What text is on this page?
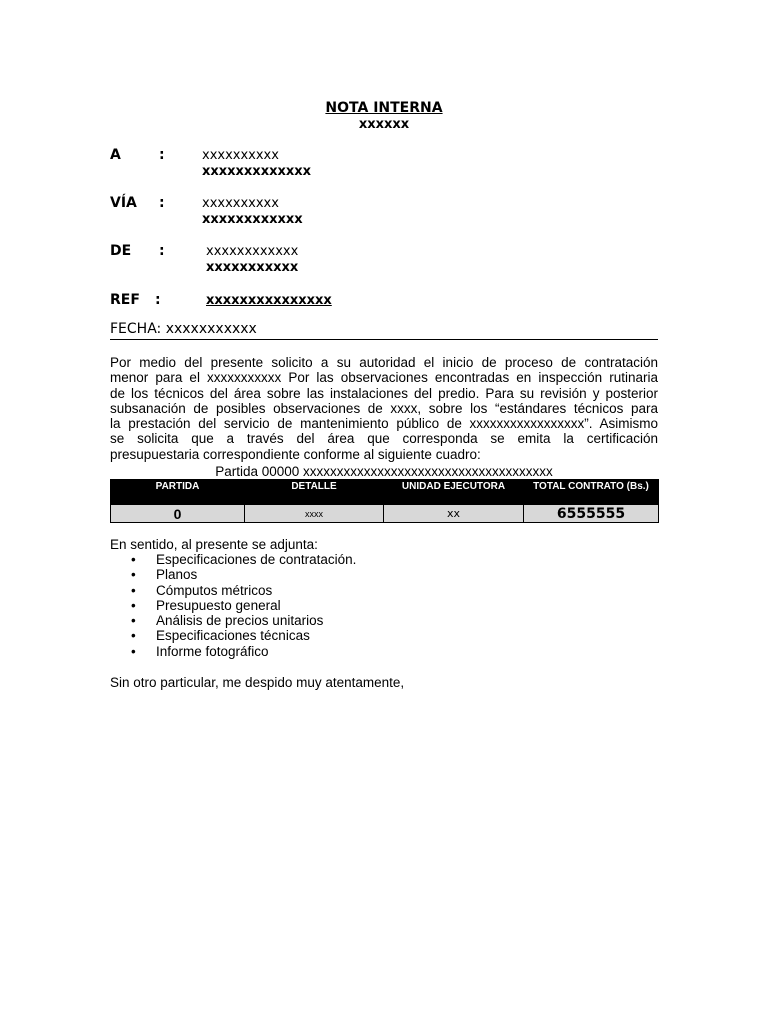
NOTA INTERNA
xxxxxx
A	:	xxxxxxxxxx
xxxxxxxxxxxxx
VÍA :	xxxxxxxxxx
xxxxxxxxxxxx
DE :	xxxxxxxxxxxx
xxxxxxxxxxx
REF :	xxxxxxxxxxxxxxx
FECHA: xxxxxxxxxxx
Por medio del presente solicito a su autoridad el inicio de proceso de contratación
menor para el xxxxxxxxxxx Por las observaciones encontradas en inspección rutinaria
de los técnicos del área sobre las instalaciones del predio. Para su revisión y posterior
subsanación de posibles observaciones de xxxx, sobre los “estándares técnicos para
la prestación del servicio de mantenimiento público de xxxxxxxxxxxxxxxxx”. Asimismo
se solicita que a través del área que corresponda se emita la certificación
presupuestaria correspondiente conforme al siguiente cuadro:
Partida 00000 xxxxxxxxxxxxxxxxxxxxxxxxxxxxxxxxxxxxx
PARTIDA	DETALLE	UNIDAD EJECUTORA	TOTAL CONTRATO (Bs.)
0	xxxx	xx	6555555
En sentido, al presente se adjunta:
• Especificaciones de contratación.
• Planos
• Cómputos métricos
• Presupuesto general
• Análisis de precios unitarios
• Especificaciones técnicas
• Informe fotográfico
Sin otro particular, me despido muy atentamente,
